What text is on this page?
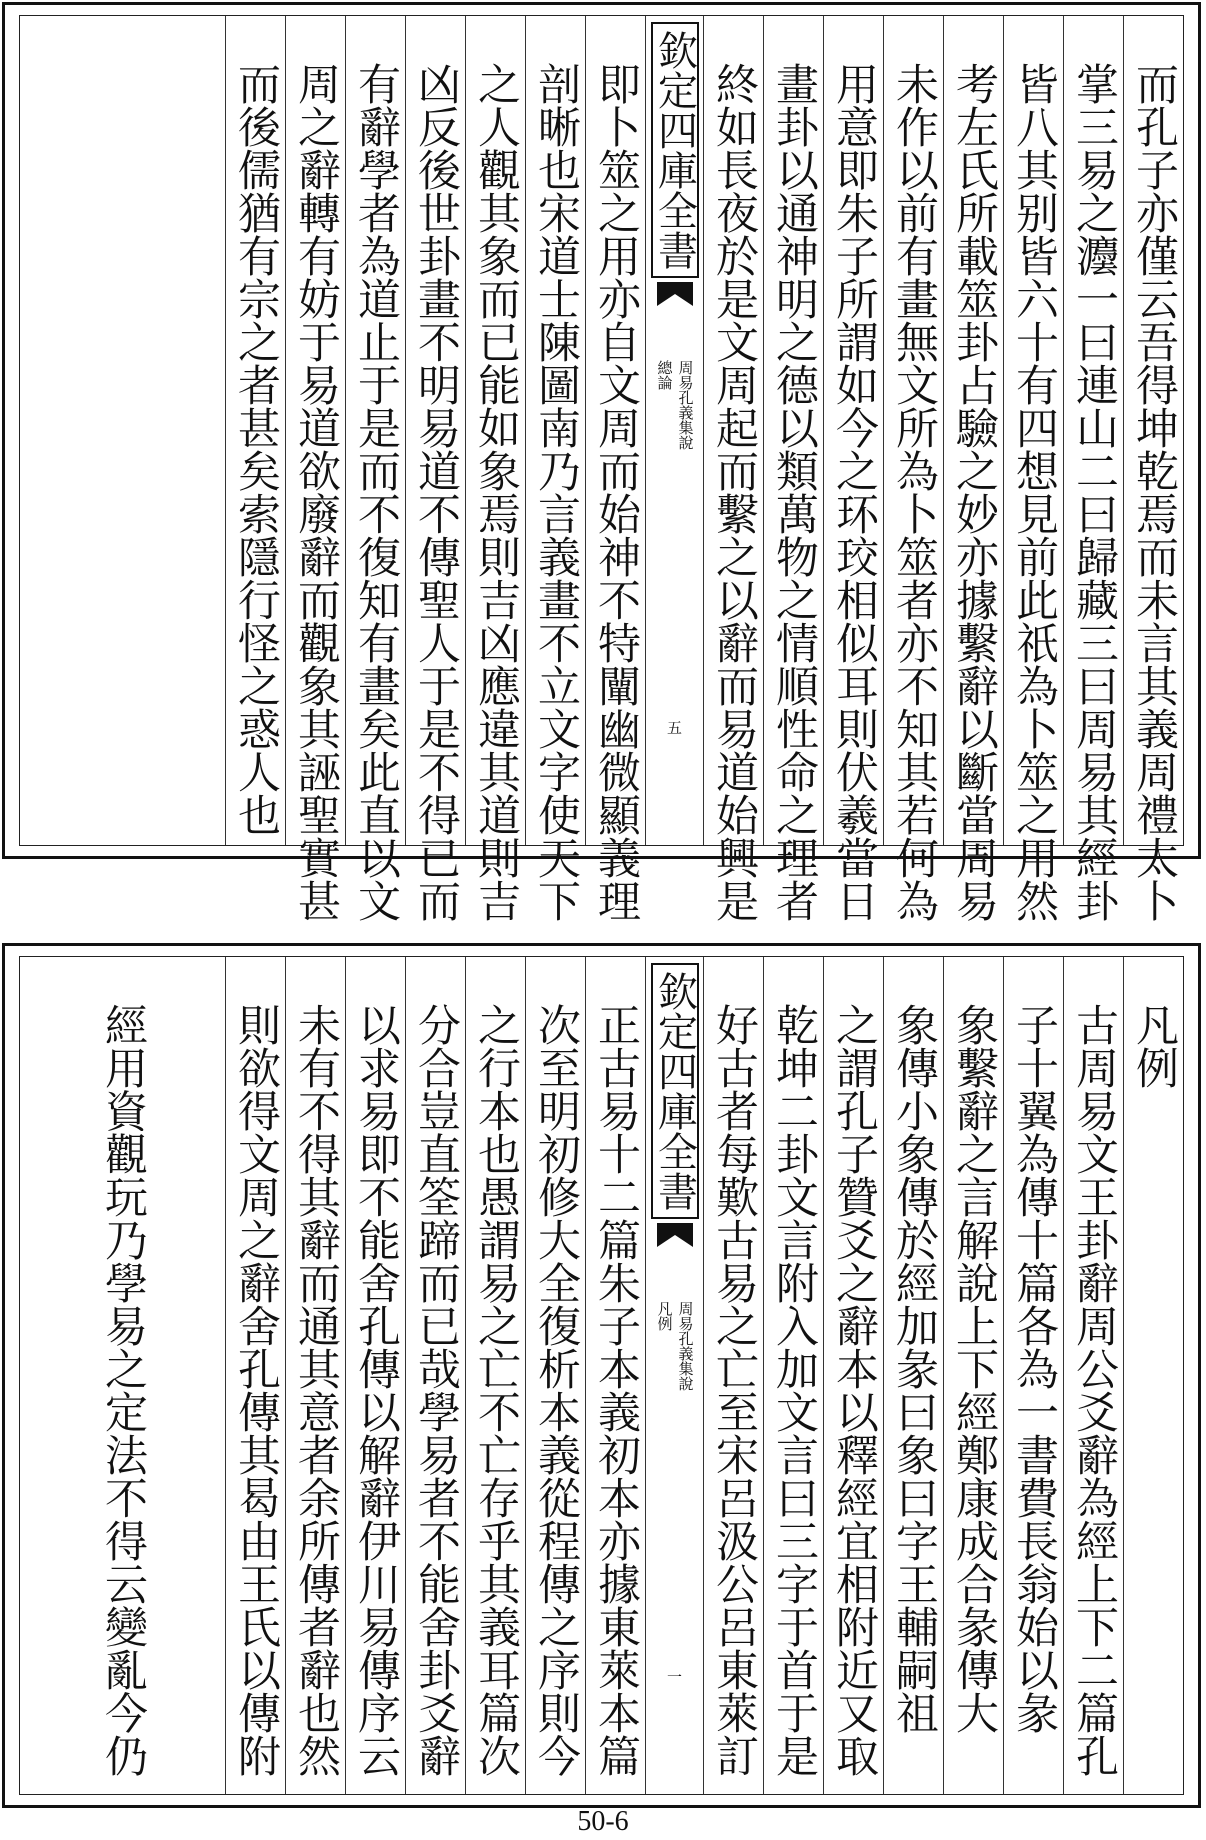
而孔子亦僅云吾得坤乾焉而未言其義周禮太卜
掌三易之灋一曰連山二曰歸藏三曰周易其經卦
皆八其别皆六十有四想見前此祇為卜筮之用然
考左氏所載筮卦占驗之妙亦據繫辭以斷當周易
未作以前有畫無文所為卜筮者亦不知其若何為
用意即朱子所謂如今之环珓相似耳則伏羲當日
畫卦以通神明之德以類萬物之情順性命之理者
終如長夜於是文周起而繫之以辭而易道始興是
欽定四庫全書
周易孔義集說
總論
五
即卜筮之用亦自文周而始神不特闡幽微顯義理
剖晰也宋道士陳圖南乃言義畫不立文字使天下
之人觀其象而已能如象焉則吉凶應違其道則吉
凶反後世卦畫不明易道不傳聖人于是不得已而
有辭學者為道止于是而不復知有畫矣此直以文
周之辭轉有妨于易道欲廢辭而觀象其誣聖實甚
而後儒猶有宗之者甚矣索隱行怪之惑人也
凡例
古周易文王卦辭周公爻辭為經上下二篇孔
子十翼為傳十篇各為一書費長翁始以彖
象繫辭之言解說上下經鄭康成合彖傳大
象傳小象傳於經加彖曰象曰字王輔嗣祖
之謂孔子贊爻之辭本以釋經宜相附近又取
乾坤二卦文言附入加文言曰三字于首于是
好古者每歎古易之亡至宋呂汲公呂東萊訂
欽定四庫全書
周易孔義集說
凡例
一
正古易十二篇朱子本義初本亦據東萊本篇
次至明初修大全復析本義從程傳之序則今
之行本也愚謂易之亡不亡存乎其義耳篇次
分合豈直筌蹄而已哉學易者不能舍卦爻辭
以求易即不能舍孔傳以解辭伊川易傳序云
未有不得其辭而通其意者余所傳者辭也然
則欲得文周之辭舍孔傳其曷由王氏以傳附
經用資觀玩乃學易之定法不得云變亂今仍
50-6
